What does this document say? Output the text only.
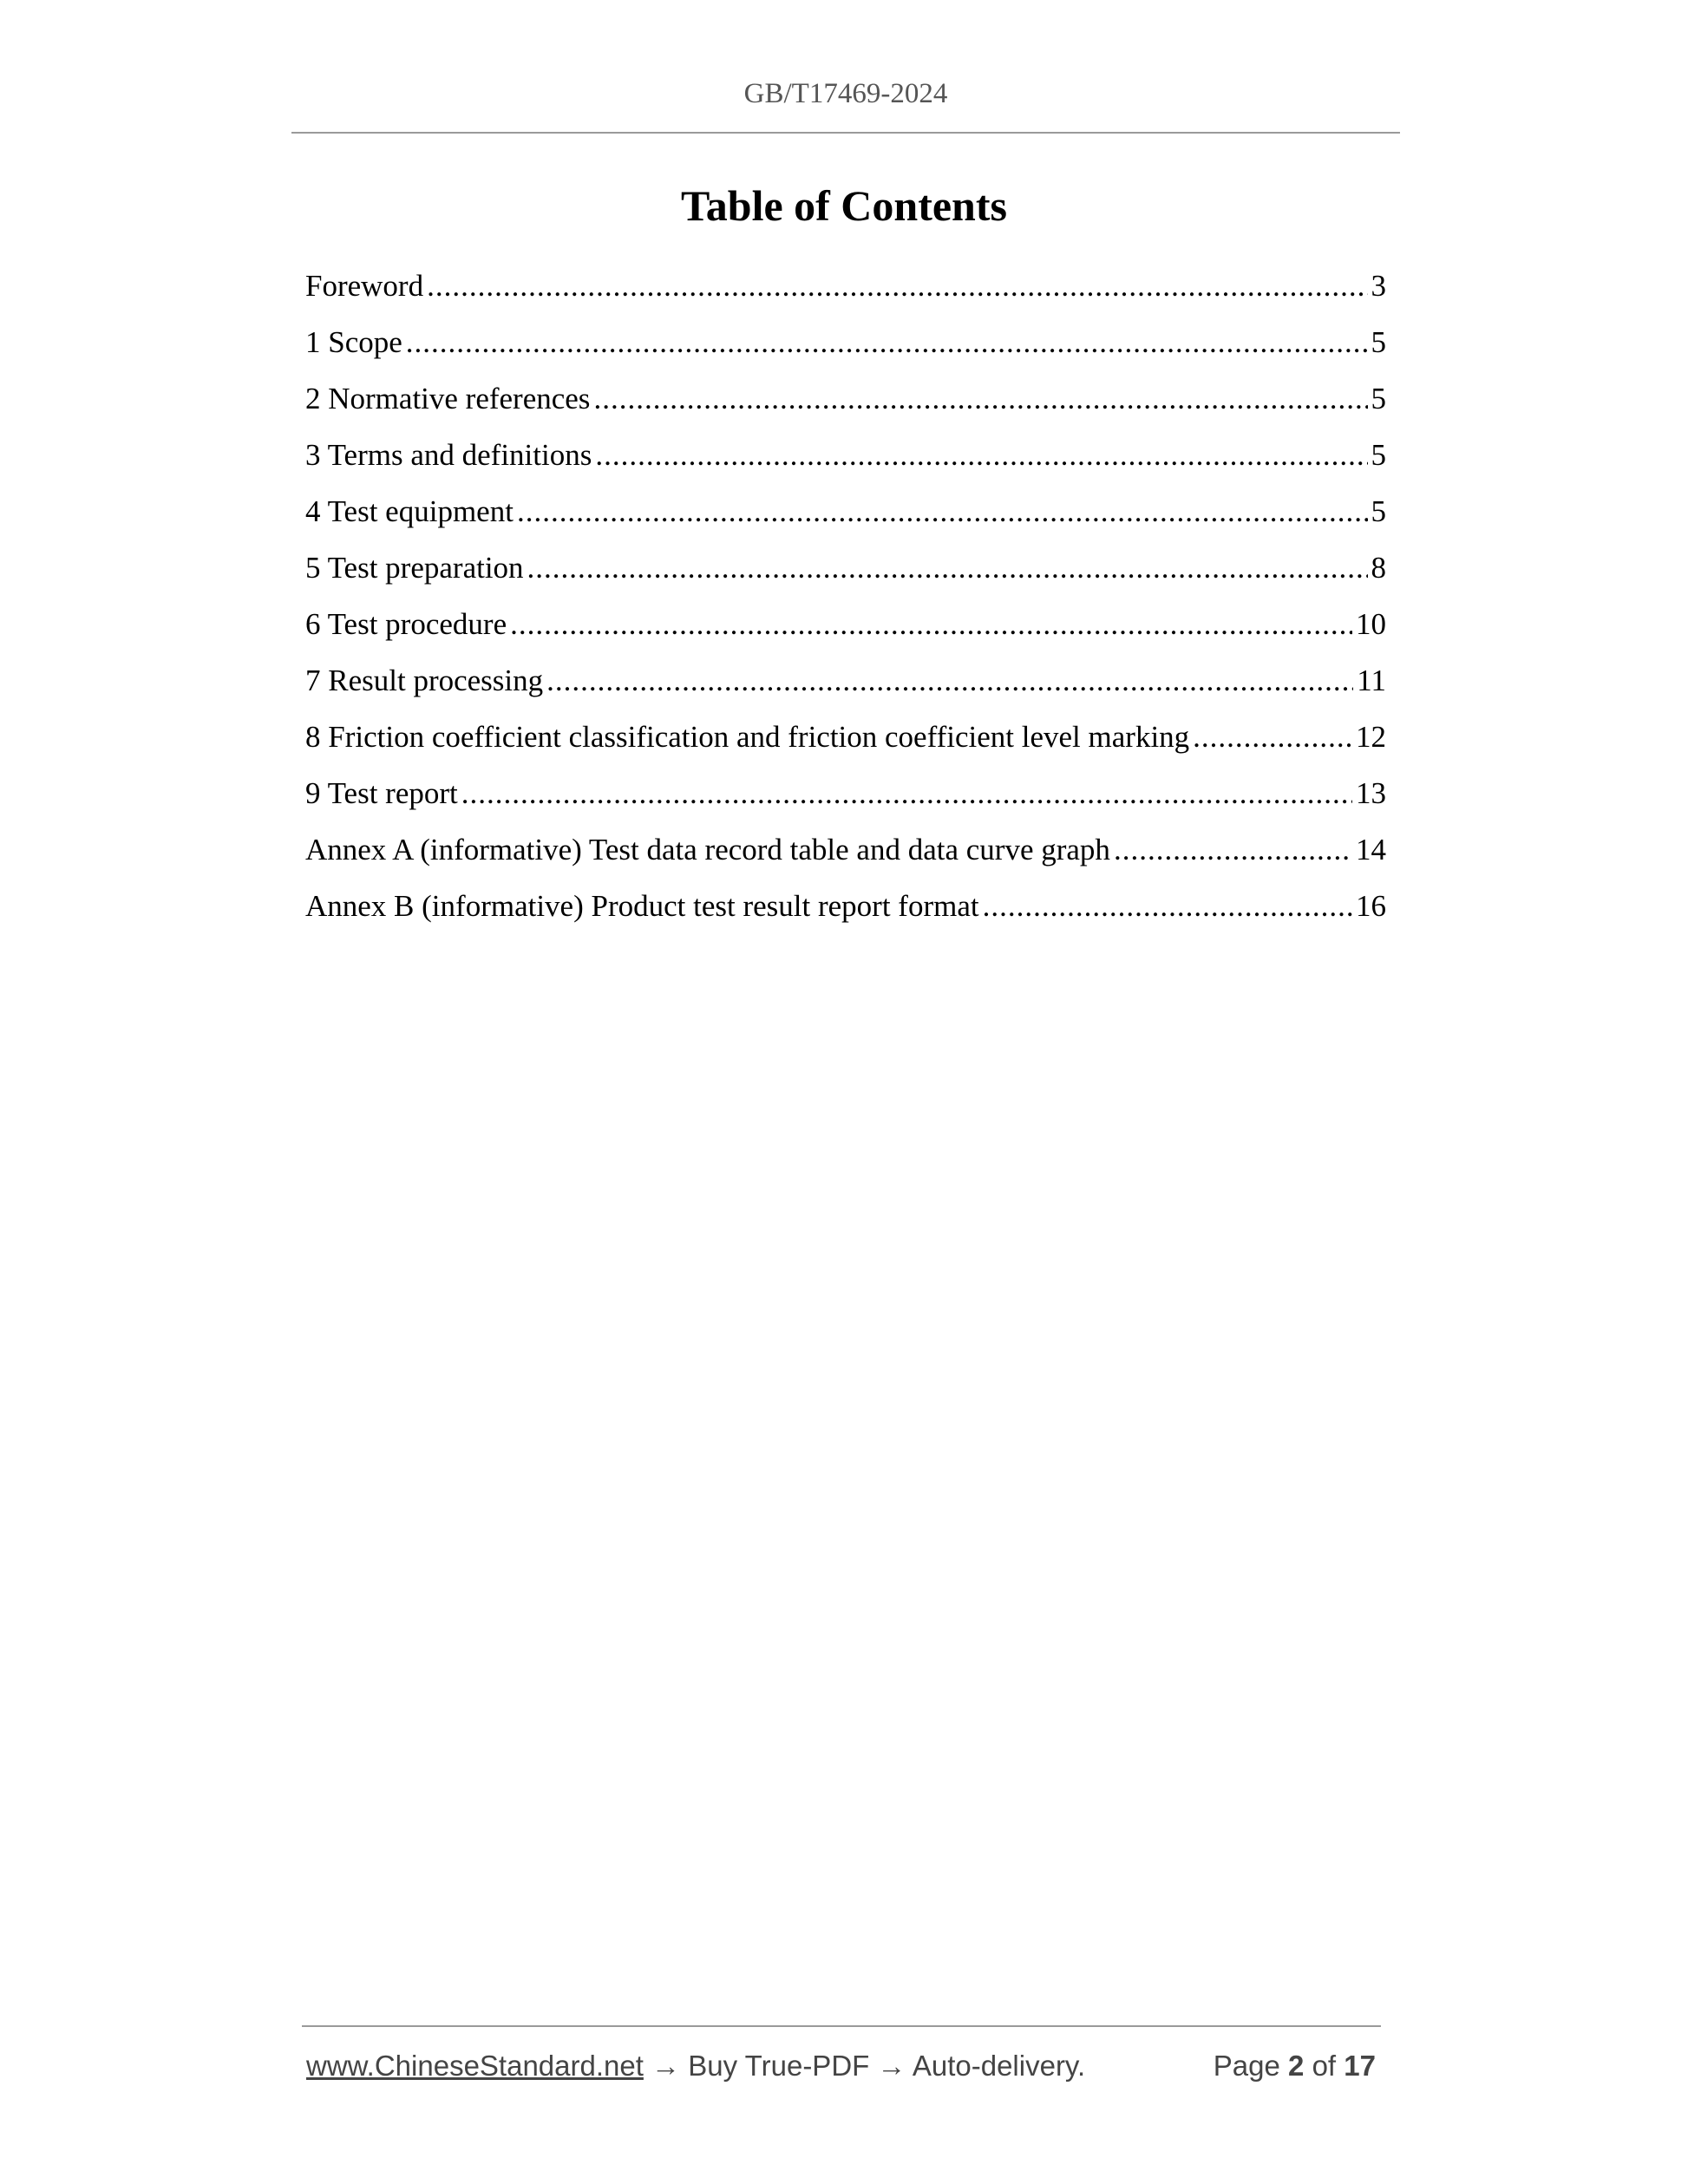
GB/T17469-2024
Table of Contents
Foreword .....	3
1 Scope .....	5
2 Normative references .....	5
3 Terms and definitions .....	5
4 Test equipment .....	5
5 Test preparation .....	8
6 Test procedure .....	10
7 Result processing .....	11
8 Friction coefficient classification and friction coefficient level marking .....	12
9 Test report .....	13
Annex A (informative) Test data record table and data curve graph .....	14
Annex B (informative) Product test result report format .....	16
www.ChineseStandard.net → Buy True-PDF → Auto-delivery.	Page 2 of 17
